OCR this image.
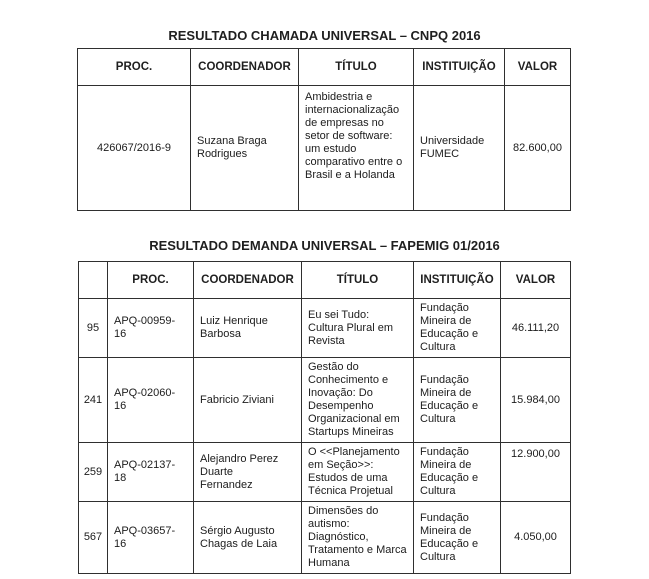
RESULTADO CHAMADA UNIVERSAL – CNPQ 2016
PROC.	COORDENADOR	TÍTULO	INSTITUIÇÃO	VALOR
426067/2016-9	Suzana Braga Rodrigues	Ambidestria e internacionalização de empresas no setor de software: um estudo comparativo entre o Brasil e a Holanda	Universidade FUMEC	82.600,00
RESULTADO DEMANDA UNIVERSAL – FAPEMIG 01/2016
	PROC.	COORDENADOR	TÍTULO	INSTITUIÇÃO	VALOR
95	APQ-00959-16	Luiz Henrique Barbosa	Eu sei Tudo: Cultura Plural em Revista	Fundação Mineira de Educação e Cultura	46.111,20
241	APQ-02060-16	Fabricio Ziviani	Gestão do Conhecimento e Inovação: Do Desempenho Organizacional em Startups Mineiras	Fundação Mineira de Educação e Cultura	15.984,00
259	APQ-02137-18	Alejandro Perez Duarte Fernandez	O <<Planejamento em Seção>>: Estudos de uma Técnica Projetual	Fundação Mineira de Educação e Cultura	12.900,00
567	APQ-03657-16	Sérgio Augusto Chagas de Laia	Dimensões do autismo: Diagnóstico, Tratamento e Marca Humana	Fundação Mineira de Educação e Cultura	4.050,00
